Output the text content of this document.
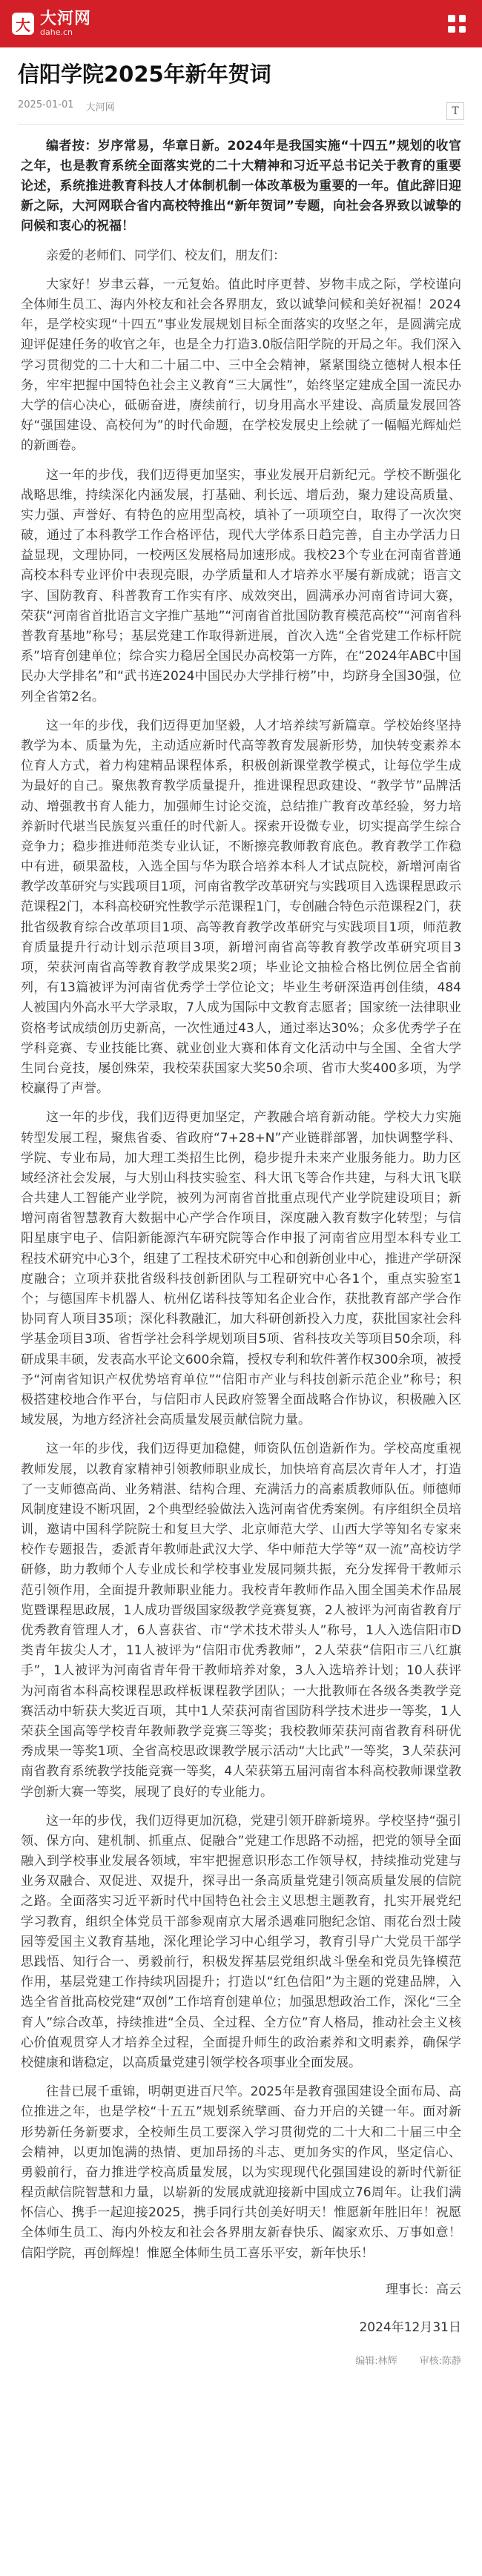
大 大河网
dahe.cn
信阳学院2025年新年贺词
2025-01-01 大河网	T

编者按：岁序常易，华章日新。2024年是我国实施“十四五”规划的收官之年，也是教育系统全面落实党的二十大精神和习近平总书记关于教育的重要论述，系统推进教育科技人才体制机制一体改革极为重要的一年。值此辞旧迎新之际，大河网联合省内高校特推出“新年贺词”专题，向社会各界致以诚挚的问候和衷心的祝福！

亲爱的老师们、同学们、校友们，朋友们：

大家好！岁聿云暮，一元复始。值此时序更替、岁物丰成之际，学校谨向全体师生员工、海内外校友和社会各界朋友，致以诚挚问候和美好祝福！2024年，是学校实现“十四五”事业发展规划目标全面落实的攻坚之年，是圆满完成迎评促建任务的收官之年，也是全力打造3.0版信阳学院的开局之年。我们深入学习贯彻党的二十大和二十届二中、三中全会精神，紧紧围绕立德树人根本任务，牢牢把握中国特色社会主义教育“三大属性”，始终坚定建成全国一流民办大学的信心决心，砥砺奋进，赓续前行，切身用高水平建设、高质量发展回答好“强国建设、高校何为”的时代命题，在学校发展史上绘就了一幅幅光辉灿烂的新画卷。

这一年的步伐，我们迈得更加坚实，事业发展开启新纪元。学校不断强化战略思维，持续深化内涵发展，打基础、利长远、增后劲，聚力建设高质量、实力强、声誉好、有特色的应用型高校，填补了一项项空白，取得了一次次突破，通过了本科教学工作合格评估，现代大学体系日趋完善，自主办学活力日益显现，文理协同，一校两区发展格局加速形成。我校23个专业在河南省普通高校本科专业评价中表现亮眼，办学质量和人才培养水平屡有新成就；语言文字、国防教育、科普教育工作实有序、成效突出，圆满承办河南省诗词大赛，荣获“河南省首批语言文字推广基地”“河南省首批国防教育模范高校”“河南省科普教育基地”称号；基层党建工作取得新进展，首次入选“全省党建工作标杆院系”培育创建单位；综合实力稳居全国民办高校第一方阵，在“2024年ABC中国民办大学排名”和“武书连2024中国民办大学排行榜”中，均跻身全国30强，位列全省第2名。

这一年的步伐，我们迈得更加坚毅，人才培养续写新篇章。学校始终坚持教学为本、质量为先，主动适应新时代高等教育发展新形势，加快转变素养本位育人方式，着力构建精品课程体系，积极创新课堂教学模式，让每位学生成为最好的自己。聚焦教育教学质量提升，推进课程思政建设、“教学节”品牌活动、增强教书育人能力，加强师生讨论交流，总结推广教育改革经验，努力培养新时代堪当民族复兴重任的时代新人。探索开设微专业，切实提高学生综合竞争力；稳步推进师范类专业认证，不断擦亮教师教育底色。教育教学工作稳中有进，硕果盈枝，入选全国与华为联合培养本科人才试点院校，新增河南省教学改革研究与实践项目1项，河南省教学改革研究与实践项目入选课程思政示范课程2门，本科高校研究性教学示范课程1门，专创融合特色示范课程2门，获批省级教育综合改革项目1项、高等教育教学改革研究与实践项目1项，师范教育质量提升行动计划示范项目3项，新增河南省高等教育教学改革研究项目3项，荣获河南省高等教育教学成果奖2项；毕业论文抽检合格比例位居全省前列，有13篇被评为河南省优秀学士学位论文；毕业生考研深造再创佳绩，484人被国内外高水平大学录取，7人成为国际中文教育志愿者；国家统一法律职业资格考试成绩创历史新高，一次性通过43人，通过率达30%；众多优秀学子在学科竞赛、专业技能比赛、就业创业大赛和体育文化活动中与全国、全省大学生同台竞技，屡创殊荣，我校荣获国家大奖50余项、省市大奖400多项，为学校赢得了声誉。

这一年的步伐，我们迈得更加坚定，产教融合培育新动能。学校大力实施转型发展工程，聚焦省委、省政府“7+28+N”产业链群部署，加快调整学科、学院、专业布局，加大理工类招生比例，稳步提升未来产业服务能力。助力区域经济社会发展，与大别山科技实验室、科大讯飞等合作共建，与科大讯飞联合共建人工智能产业学院，被列为河南省首批重点现代产业学院建设项目；新增河南省智慧教育大数据中心产学合作项目，深度融入教育数字化转型；与信阳星康宇电子、信阳新能源汽车研究院等合作申报了河南省应用型本科专业工程技术研究中心3个，组建了工程技术研究中心和创新创业中心，推进产学研深度融合；立项并获批省级科技创新团队与工程研究中心各1个，重点实验室1个；与德国库卡机器人、杭州亿诺科技等知名企业合作，获批教育部产学合作协同育人项目35项；深化科教融汇，加大科研创新投入力度，获批国家社会科学基金项目3项、省哲学社会科学规划项目5项、省科技攻关等项目50余项，科研成果丰硕，发表高水平论文600余篇，授权专利和软件著作权300余项，被授予“河南省知识产权优势培育单位”“信阳市产业与科技创新示范企业”称号；积极搭建校地合作平台，与信阳市人民政府签署全面战略合作协议，积极融入区域发展，为地方经济社会高质量发展贡献信院力量。

这一年的步伐，我们迈得更加稳健，师资队伍创造新作为。学校高度重视教师发展，以教育家精神引领教师职业成长，加快培育高层次青年人才，打造了一支师德高尚、业务精湛、结构合理、充满活力的高素质教师队伍。师德师风制度建设不断巩固，2个典型经验做法入选河南省优秀案例。有序组织全员培训，邀请中国科学院院士和复旦大学、北京师范大学、山西大学等知名专家来校作专题报告，委派青年教师赴武汉大学、华中师范大学等“双一流”高校访学研修，助力教师个人专业成长和学校事业发展同频共振，充分发挥骨干教师示范引领作用，全面提升教师职业能力。我校青年教师作品入围全国美术作品展览暨课程思政展，1人成功晋级国家级教学竞赛复赛，2人被评为河南省教育厅优秀教育管理人才，6人喜获省、市“学术技术带头人”称号，1人入选信阳市D类青年拔尖人才，11人被评为“信阳市优秀教师”，2人荣获“信阳市三八红旗手”，1人被评为河南省青年骨干教师培养对象，3人入选培养计划；10人获评为河南省本科高校课程思政样板课程教学团队；一大批教师在各级各类教学竞赛活动中斩获大奖近百项，其中1人荣获河南省国防科学技术进步一等奖，1人荣获全国高等学校青年教师教学竞赛三等奖；我校教师荣获河南省教育科研优秀成果一等奖1项、全省高校思政课教学展示活动“大比武”一等奖，3人荣获河南省教育系统教学技能竞赛一等奖，4人荣获第五届河南省本科高校教师课堂教学创新大赛一等奖，展现了良好的专业能力。

这一年的步伐，我们迈得更加沉稳，党建引领开辟新境界。学校坚持“强引领、保方向、建机制、抓重点、促融合”党建工作思路不动摇，把党的领导全面融入到学校事业发展各领域，牢牢把握意识形态工作领导权，持续推动党建与业务双融合、双促进、双提升，探寻出一条高质量党建引领高质量发展的信院之路。全面落实习近平新时代中国特色社会主义思想主题教育，扎实开展党纪学习教育，组织全体党员干部参观南京大屠杀遇难同胞纪念馆、雨花台烈士陵园等爱国主义教育基地，深化理论学习中心组学习，教育引导广大党员干部学思践悟、知行合一、勇毅前行，积极发挥基层党组织战斗堡垒和党员先锋模范作用，基层党建工作持续巩固提升；打造以“红色信阳”为主题的党建品牌，入选全省首批高校党建“双创”工作培育创建单位；加强思想政治工作，深化“三全育人”综合改革，持续推进“全员、全过程、全方位”育人格局，推动社会主义核心价值观贯穿人才培养全过程，全面提升师生的政治素养和文明素养，确保学校健康和谐稳定，以高质量党建引领学校各项事业全面发展。

往昔已展千重锦，明朝更进百尺竿。2025年是教育强国建设全面布局、高位推进之年，也是学校“十五五”规划系统擘画、奋力开启的关键一年。面对新形势新任务新要求，全校师生员工要深入学习贯彻党的二十大和二十届三中全会精神，以更加饱满的热情、更加昂扬的斗志、更加务实的作风，坚定信心、勇毅前行，奋力推进学校高质量发展，以为实现现代化强国建设的新时代新征程贡献信院智慧和力量，以崭新的发展成就迎接新中国成立76周年。让我们满怀信心、携手一起迎接2025，携手同行共创美好明天！惟愿新年胜旧年！祝愿全体师生员工、海内外校友和社会各界朋友新春快乐、阖家欢乐、万事如意！信阳学院，再创辉煌！惟愿全体师生员工喜乐平安，新年快乐！

理事长：高云
2024年12月31日
编辑:林辉 审核:陈静
